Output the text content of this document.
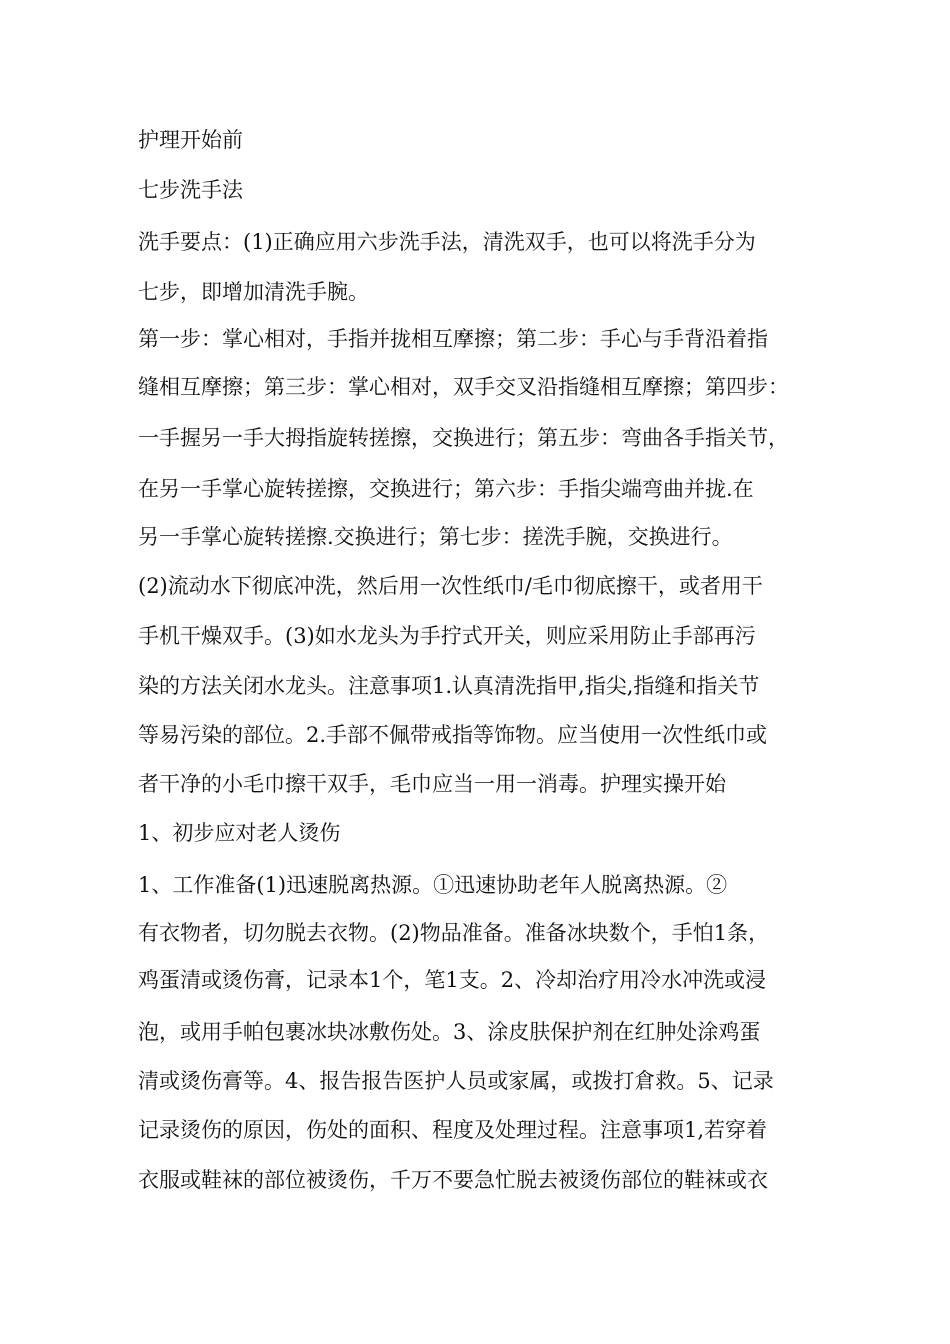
护理开始前
七步洗手法
洗手要点：(1)正确应用六步洗手法，清洗双手，也可以将洗手分为
七步，即增加清洗手腕。
第一步：掌心相对，手指并拢相互摩擦；第二步：手心与手背沿着指
缝相互摩擦；第三步：掌心相对，双手交叉沿指缝相互摩擦；第四步：
一手握另一手大拇指旋转搓擦，交换进行；第五步：弯曲各手指关节，
在另一手掌心旋转搓擦，交换进行；第六步：手指尖端弯曲并拢.在
另一手掌心旋转搓擦.交换进行；第七步：搓洗手腕，交换进行。
(2)流动水下彻底冲洗，然后用一次性纸巾/毛巾彻底擦干，或者用干
手机干燥双手。(3)如水龙头为手拧式开关，则应采用防止手部再污
染的方法关闭水龙头。注意事项1.认真清洗指甲,指尖,指缝和指关节
等易污染的部位。2.手部不佩带戒指等饰物。应当使用一次性纸巾或
者干净的小毛巾擦干双手，毛巾应当一用一消毒。护理实操开始
1、初步应对老人烫伤
1、工作准备(1)迅速脱离热源。①迅速协助老年人脱离热源。②
有衣物者，切勿脱去衣物。(2)物品准备。准备冰块数个，手怕1条，
鸡蛋清或烫伤膏，记录本1个，笔1支。2、冷却治疗用冷水冲洗或浸
泡，或用手帕包裹冰块冰敷伤处。3、涂皮肤保护剂在红肿处涂鸡蛋
清或烫伤膏等。4、报告报告医护人员或家属，或拨打倉救。5、记录
记录烫伤的原因，伤处的面积、程度及处理过程。注意事项1,若穿着
衣服或鞋袜的部位被烫伤，千万不要急忙脱去被烫伤部位的鞋袜或衣
